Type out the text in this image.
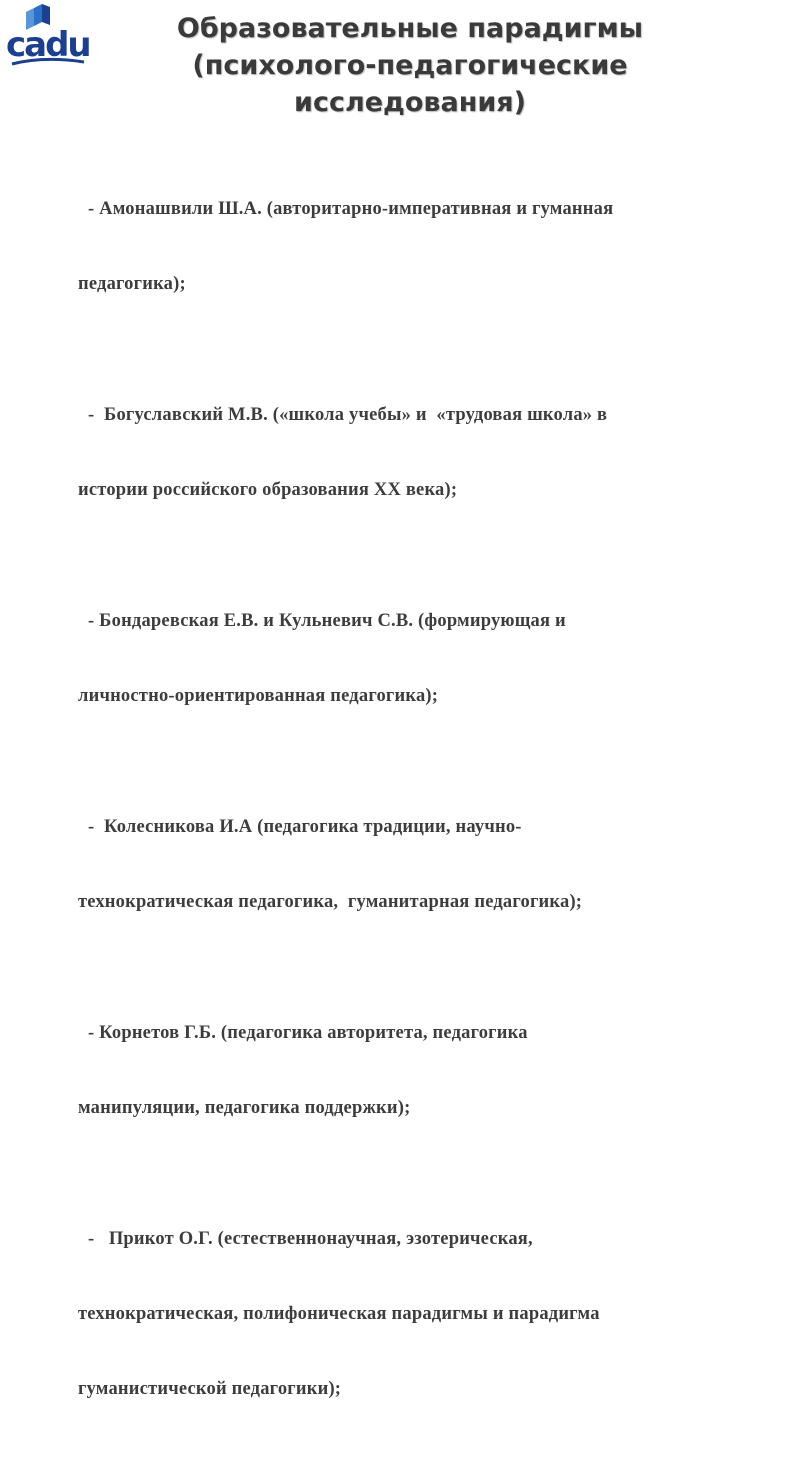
cadu	Образовательные парадигмы
(психолого-педагогические
исследования)

- Амонашвили Ш.А. (авторитарно-императивная и гуманная

педагогика);

-  Богуславский М.В. («школа учебы» и  «трудовая школа» в

истории российского образования ХХ века);

- Бондаревская Е.В. и Кульневич С.В. (формирующая и

личностно-ориентированная педагогика);

-  Колесникова И.А (педагогика традиции, научно-

технократическая педагогика,  гуманитарная педагогика);

- Корнетов Г.Б. (педагогика авторитета, педагогика

манипуляции, педагогика поддержки);

-   Прикот О.Г. (естественнонаучная, эзотерическая,

технократическая, полифоническая парадигмы и парадигма

гуманистической педагогики);
